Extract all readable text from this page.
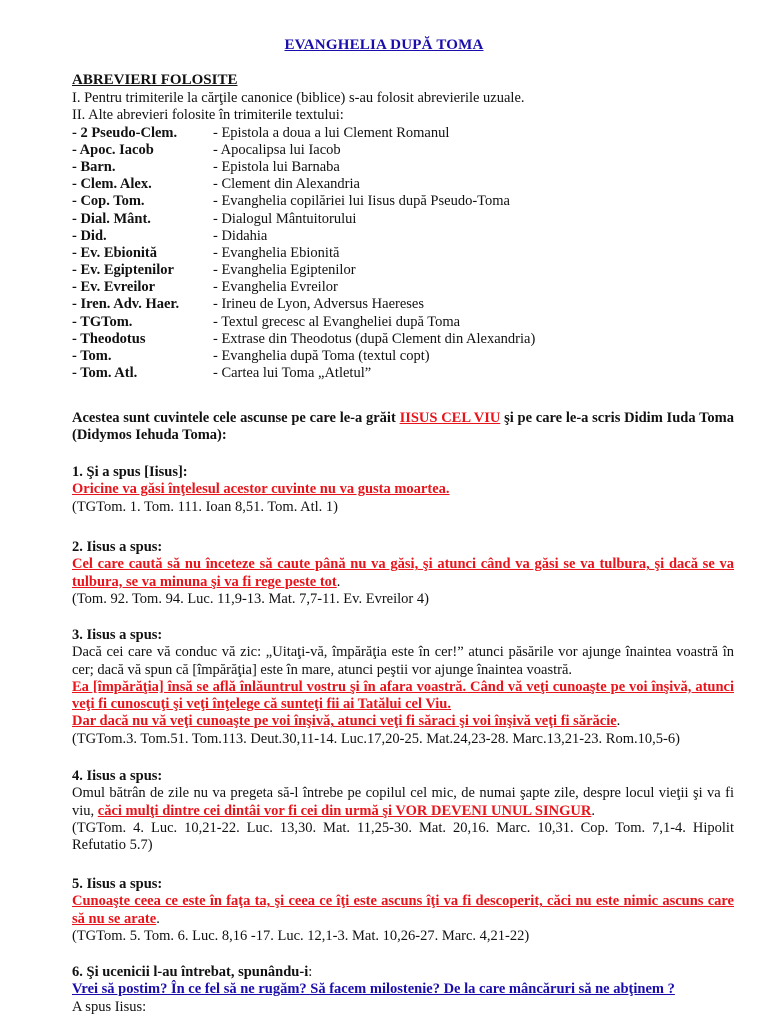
EVANGHELIA DUPĂ TOMA
ABREVIERI FOLOSITE

I. Pentru trimiterile la cărţile canonice (biblice) s-au folosit abrevierile uzuale.

II. Alte abrevieri folosite în trimiterile textului:

- 2 Pseudo-Clem.	- Epistola a doua a lui Clement Romanul
- Apoc. Iacob	- Apocalipsa lui Iacob
- Barn.	- Epistola lui Barnaba
- Clem. Alex.	- Clement din Alexandria
- Cop. Tom.	- Evanghelia copilăriei lui Iisus după Pseudo-Toma
- Dial. Mânt.	- Dialogul Mântuitorului
- Did.	- Didahia
- Ev. Ebionită	- Evanghelia Ebionită
- Ev. Egiptenilor	- Evanghelia Egiptenilor
- Ev. Evreilor	- Evanghelia Evreilor
- Iren. Adv. Haer.	- Irineu de Lyon, Adversus Haereses
- TGTom.	- Textul grecesc al Evangheliei după Toma
- Theodotus	- Extrase din Theodotus (după Clement din Alexandria)
- Tom.	- Evanghelia după Toma (textul copt)
- Tom. Atl.	- Cartea lui Toma „Atletul”
Acestea sunt cuvintele cele ascunse pe care le-a grăit IISUS CEL VIU şi pe care le-a scris Didim Iuda Toma (Didymos Iehuda Toma):

1. Şi a spus [Iisus]:

Oricine va găsi înţelesul acestor cuvinte nu va gusta moartea.

(TGTom. 1. Tom. 111. Ioan 8,51. Tom. Atl. 1)

2. Iisus a spus:

Cel care caută să nu înceteze să caute până nu va găsi, şi atunci când va găsi se va tulbura, şi dacă se va tulbura, se va minuna şi va fi rege peste tot.

(Tom. 92. Tom. 94. Luc. 11,9-13. Mat. 7,7-11. Ev. Evreilor 4)

3. Iisus a spus:

Dacă cei care vă conduc vă zic: „Uitaţi-vă, împărăţia este în cer!” atunci păsările vor ajunge înaintea voastră în cer; dacă vă spun că [împărăţia] este în mare, atunci peştii vor ajunge înaintea voastră.

Ea [împărăţia] însă se află înlăuntrul vostru şi în afara voastră. Când vă veţi cunoaşte pe voi înşivă, atunci veţi fi cunoscuţi şi veţi înţelege că sunteţi fii ai Tatălui cel Viu.

Dar dacă nu vă veţi cunoaşte pe voi înşivă, atunci veţi fi săraci şi voi înşivă veţi fi sărăcie.

(TGTom.3. Tom.51. Tom.113. Deut.30,11-14. Luc.17,20-25. Mat.24,23-28. Marc.13,21-23. Rom.10,5-6)

4. Iisus a spus:

Omul bătrân de zile nu va pregeta să-l întrebe pe copilul cel mic, de numai şapte zile, despre locul vieţii şi va fi viu, căci mulţi dintre cei dintâi vor fi cei din urmă şi VOR DEVENI UNUL SINGUR.

(TGTom. 4. Luc. 10,21-22. Luc. 13,30. Mat. 11,25-30. Mat. 20,16. Marc. 10,31. Cop. Tom. 7,1-4. Hipolit Refutatio 5.7)

5. Iisus a spus:

Cunoaşte ceea ce este în faţa ta, şi ceea ce îţi este ascuns îţi va fi descoperit, căci nu este nimic ascuns care să nu se arate.

(TGTom. 5. Tom. 6. Luc. 8,16 -17. Luc. 12,1-3. Mat. 10,26-27. Marc. 4,21-22)

6. Şi ucenicii l-au întrebat, spunându-i:

Vrei să postim? În ce fel să ne rugăm? Să facem milostenie? De la care mâncăruri să ne abţinem ?

A spus Iisus:
